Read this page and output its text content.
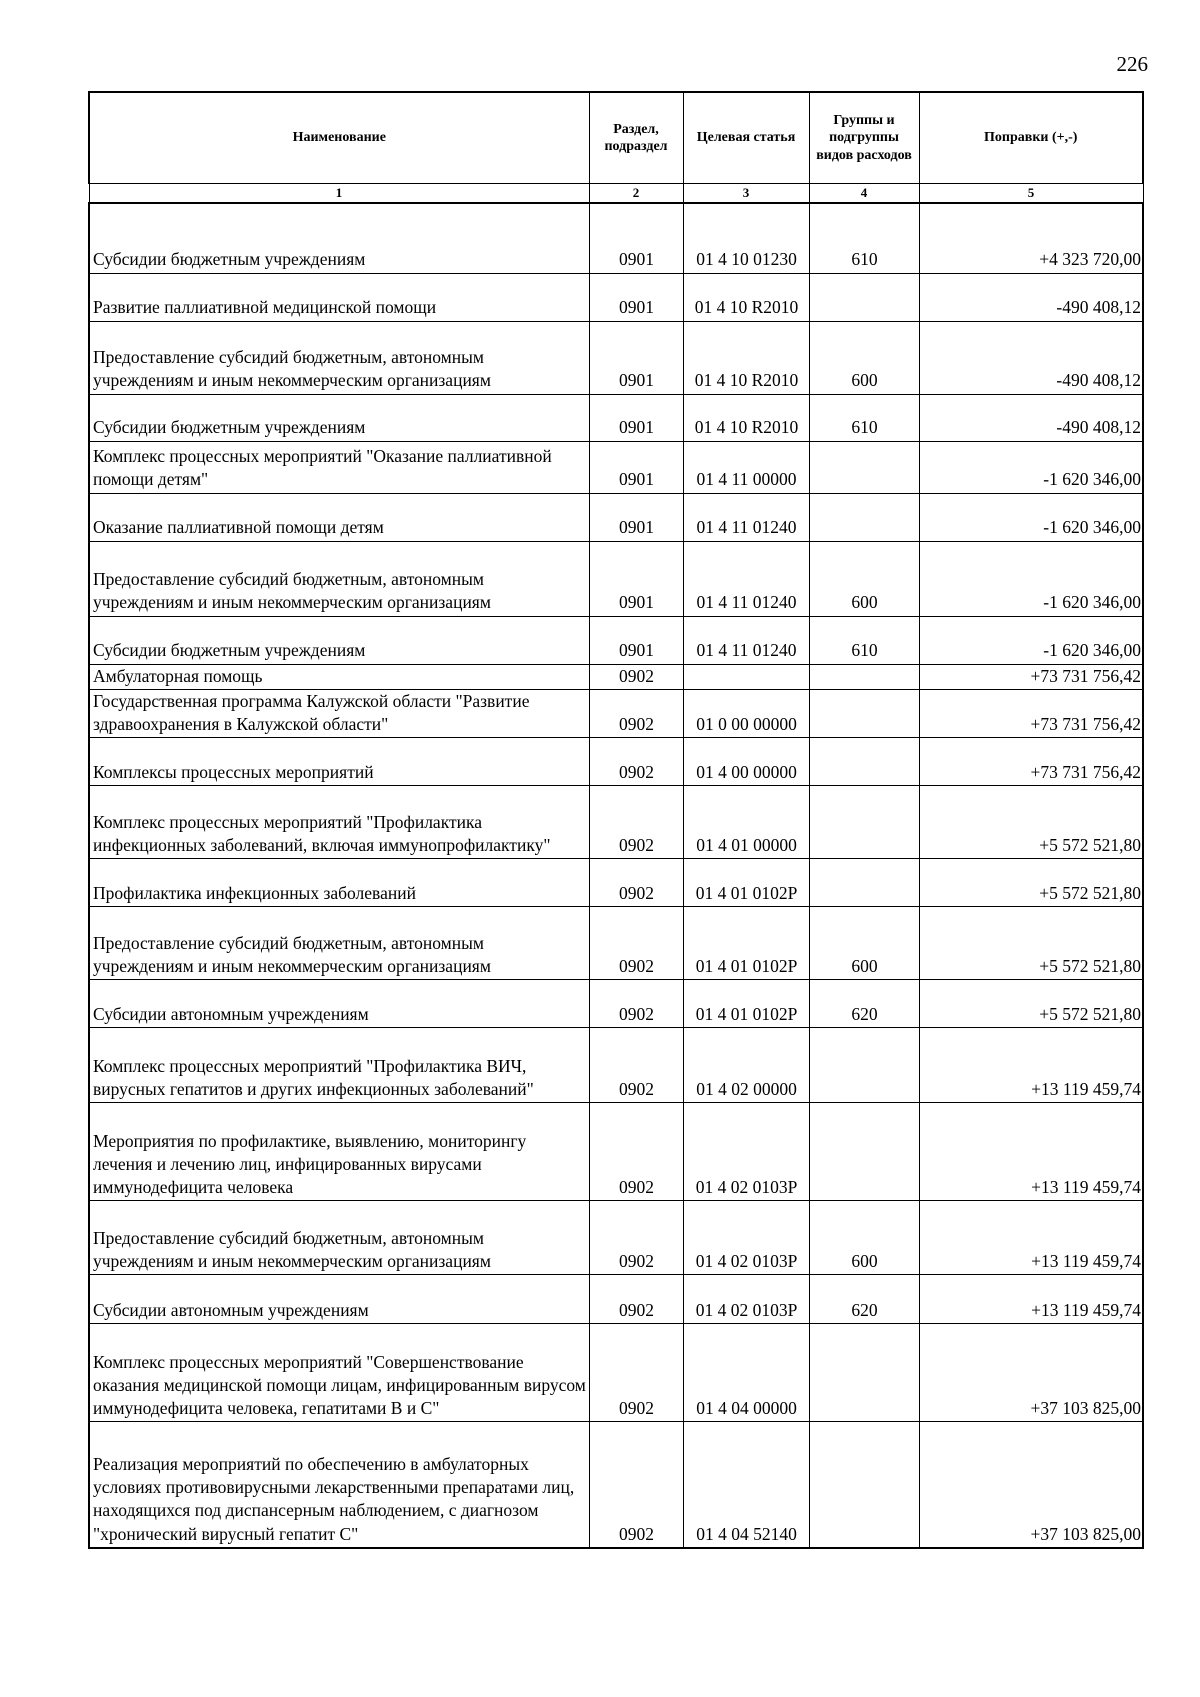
226
Наименование	Раздел, подраздел	Целевая статья	Группы и подгруппы видов расходов	Поправки (+,-)
1	2	3	4	5
Субсидии бюджетным учреждениям	0901	01 4 10 01230	610	+4 323 720,00
Развитие паллиативной медицинской помощи	0901	01 4 10 R2010		-490 408,12
Предоставление субсидий бюджетным, автономным учреждениям и иным некоммерческим организациям	0901	01 4 10 R2010	600	-490 408,12
Субсидии бюджетным учреждениям	0901	01 4 10 R2010	610	-490 408,12
Комплекс процессных мероприятий "Оказание паллиативной помощи детям"	0901	01 4 11 00000		-1 620 346,00
Оказание паллиативной помощи детям	0901	01 4 11 01240		-1 620 346,00
Предоставление субсидий бюджетным, автономным учреждениям и иным некоммерческим организациям	0901	01 4 11 01240	600	-1 620 346,00
Субсидии бюджетным учреждениям	0901	01 4 11 01240	610	-1 620 346,00
Амбулаторная помощь	0902			+73 731 756,42
Государственная программа Калужской области "Развитие здравоохранения в Калужской области"	0902	01 0 00 00000		+73 731 756,42
Комплексы процессных мероприятий	0902	01 4 00 00000		+73 731 756,42
Комплекс процессных мероприятий "Профилактика инфекционных заболеваний, включая иммунопрофилактику"	0902	01 4 01 00000		+5 572 521,80
Профилактика инфекционных заболеваний	0902	01 4 01 0102Р		+5 572 521,80
Предоставление субсидий бюджетным, автономным учреждениям и иным некоммерческим организациям	0902	01 4 01 0102Р	600	+5 572 521,80
Субсидии автономным учреждениям	0902	01 4 01 0102Р	620	+5 572 521,80
Комплекс процессных мероприятий "Профилактика ВИЧ, вирусных гепатитов и других инфекционных заболеваний"	0902	01 4 02 00000		+13 119 459,74
Мероприятия по профилактике, выявлению, мониторингу лечения и лечению лиц, инфицированных вирусами иммунодефицита человека	0902	01 4 02 0103Р		+13 119 459,74
Предоставление субсидий бюджетным, автономным учреждениям и иным некоммерческим организациям	0902	01 4 02 0103Р	600	+13 119 459,74
Субсидии автономным учреждениям	0902	01 4 02 0103Р	620	+13 119 459,74
Комплекс процессных мероприятий "Совершенствование оказания медицинской помощи лицам, инфицированным вирусом иммунодефицита человека, гепатитами В и С"	0902	01 4 04 00000		+37 103 825,00
Реализация мероприятий по обеспечению в амбулаторных условиях противовирусными лекарственными препаратами лиц, находящихся под диспансерным наблюдением, с диагнозом "хронический вирусный гепатит С"	0902	01 4 04 52140		+37 103 825,00
